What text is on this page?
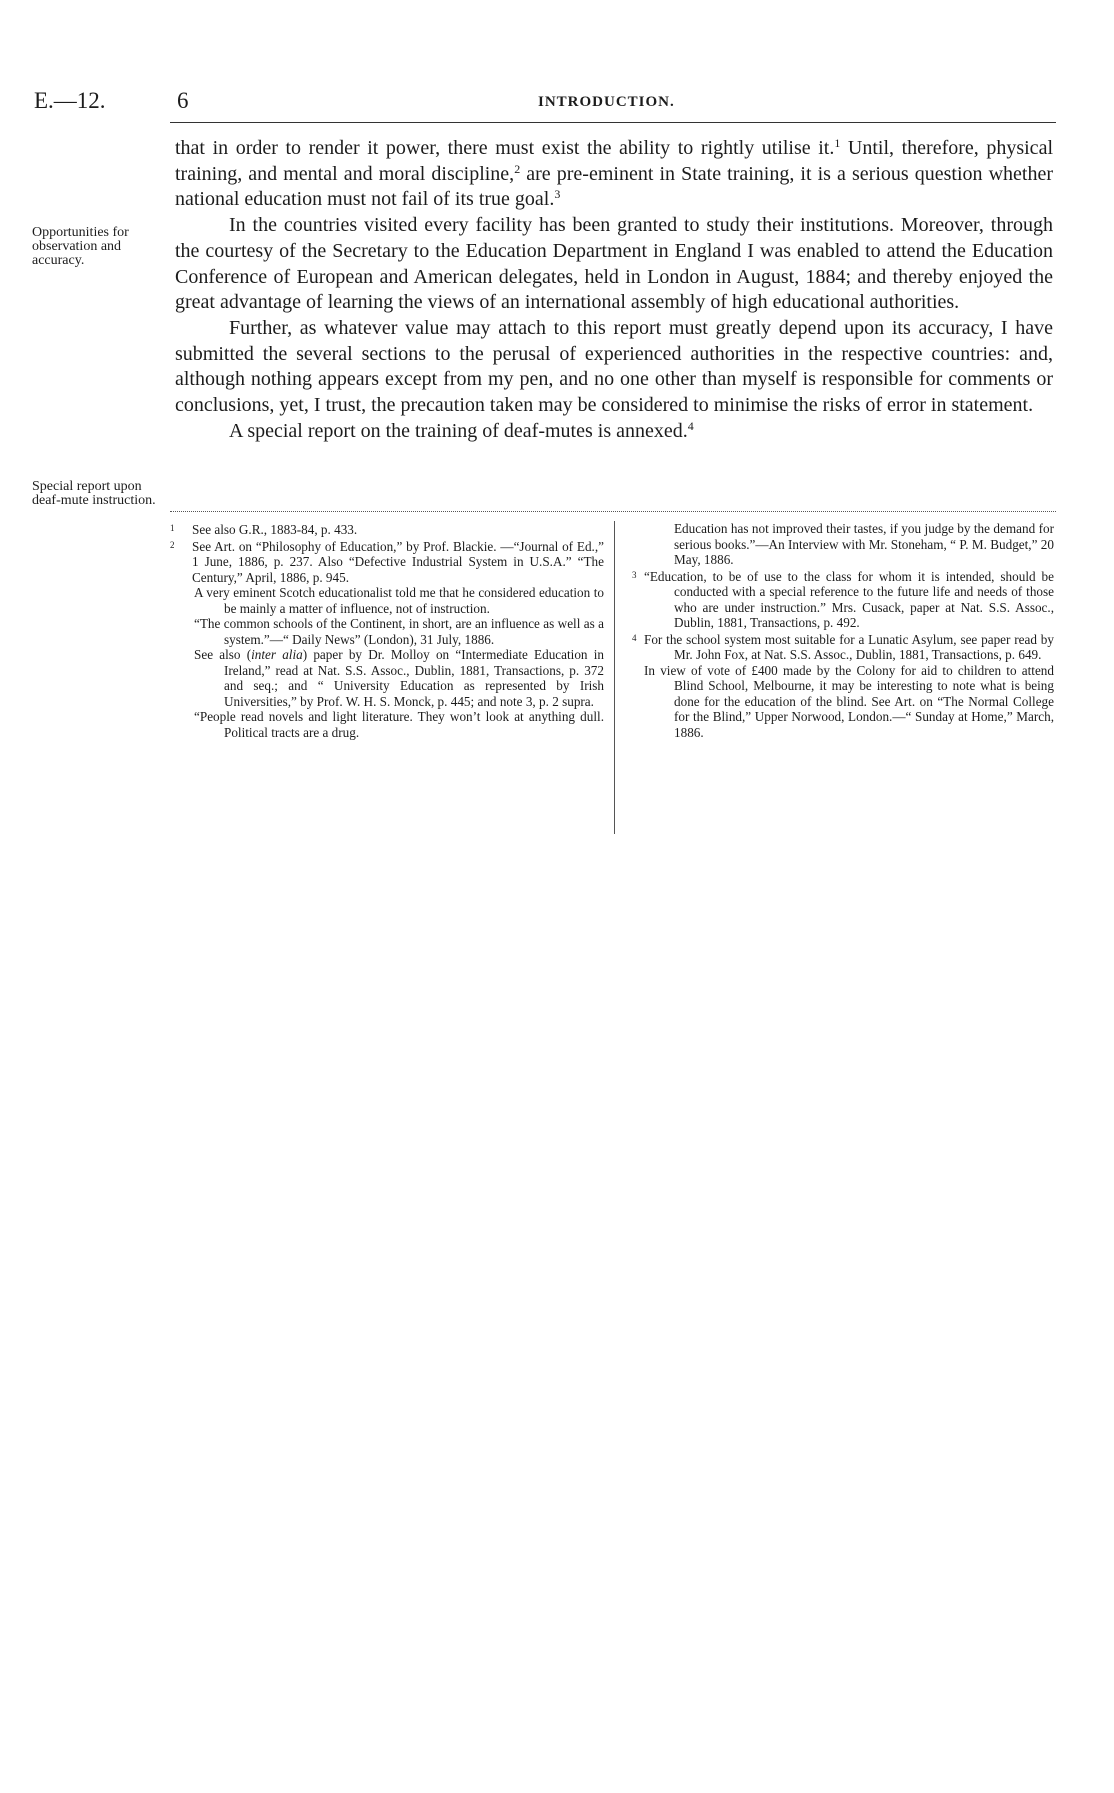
E.—12.	6	INTRODUCTION.
Opportunities for observation and accuracy.
Special report upon deaf-mute instruction.

that in order to render it power, there must exist the ability to rightly utilise it.$^1$ Until, therefore, physical training, and mental and moral discipline,$^2$ are pre-eminent in State training, it is a serious question whether national education must not fail of its true goal.$^3$

In the countries visited every facility has been granted to study their institutions. Moreover, through the courtesy of the Secretary to the Education Department in England I was enabled to attend the Education Conference of European and American delegates, held in London in August, 1884; and thereby enjoyed the great advantage of learning the views of an international assembly of high educational authorities.

Further, as whatever value may attach to this report must greatly depend upon its accuracy, I have submitted the several sections to the perusal of experienced authorities in the respective countries: and, although nothing appears except from my pen, and no one other than myself is responsible for comments or conclusions, yet, I trust, the precaution taken may be considered to minimise the risks of error in statement.

A special report on the training of deaf-mutes is annexed.$^4$

1 See also G.R., 1883-84, p. 433.
2 See Art. on “Philosophy of Education,” by Prof. Blackie. —“Journal of Ed.,” 1 June, 1886, p. 237. Also “Defective Industrial System in U.S.A.” “The Century,” April, 1886, p. 945.
A very eminent Scotch educationalist told me that he considered education to be mainly a matter of influence, not of instruction.
“The common schools of the Continent, in short, are an influence as well as a system.”—“ Daily News” (London), 31 July, 1886.
See also (inter alia) paper by Dr. Molloy on “Intermediate Education in Ireland,” read at Nat. S.S. Assoc., Dublin, 1881, Transactions, p. 372 and seq.; and “ University Education as represented by Irish Universities,” by Prof. W. H. S. Monck, p. 445; and note 3, p. 2 supra.
“People read novels and light literature. They won’t look at anything dull. Political tracts are a drug.
Education has not improved their tastes, if you judge by the demand for serious books.”—An Interview with Mr. Stoneham, “ P. M. Budget,” 20 May, 1886.
3 “Education, to be of use to the class for whom it is intended, should be conducted with a special reference to the future life and needs of those who are under instruction.” Mrs. Cusack, paper at Nat. S.S. Assoc., Dublin, 1881, Transactions, p. 492.
4 For the school system most suitable for a Lunatic Asylum, see paper read by Mr. John Fox, at Nat. S.S. Assoc., Dublin, 1881, Transactions, p. 649.
In view of vote of £400 made by the Colony for aid to children to attend Blind School, Melbourne, it may be interesting to note what is being done for the education of the blind. See Art. on “The Normal College for the Blind,” Upper Norwood, London.—“ Sunday at Home,” March, 1886.
